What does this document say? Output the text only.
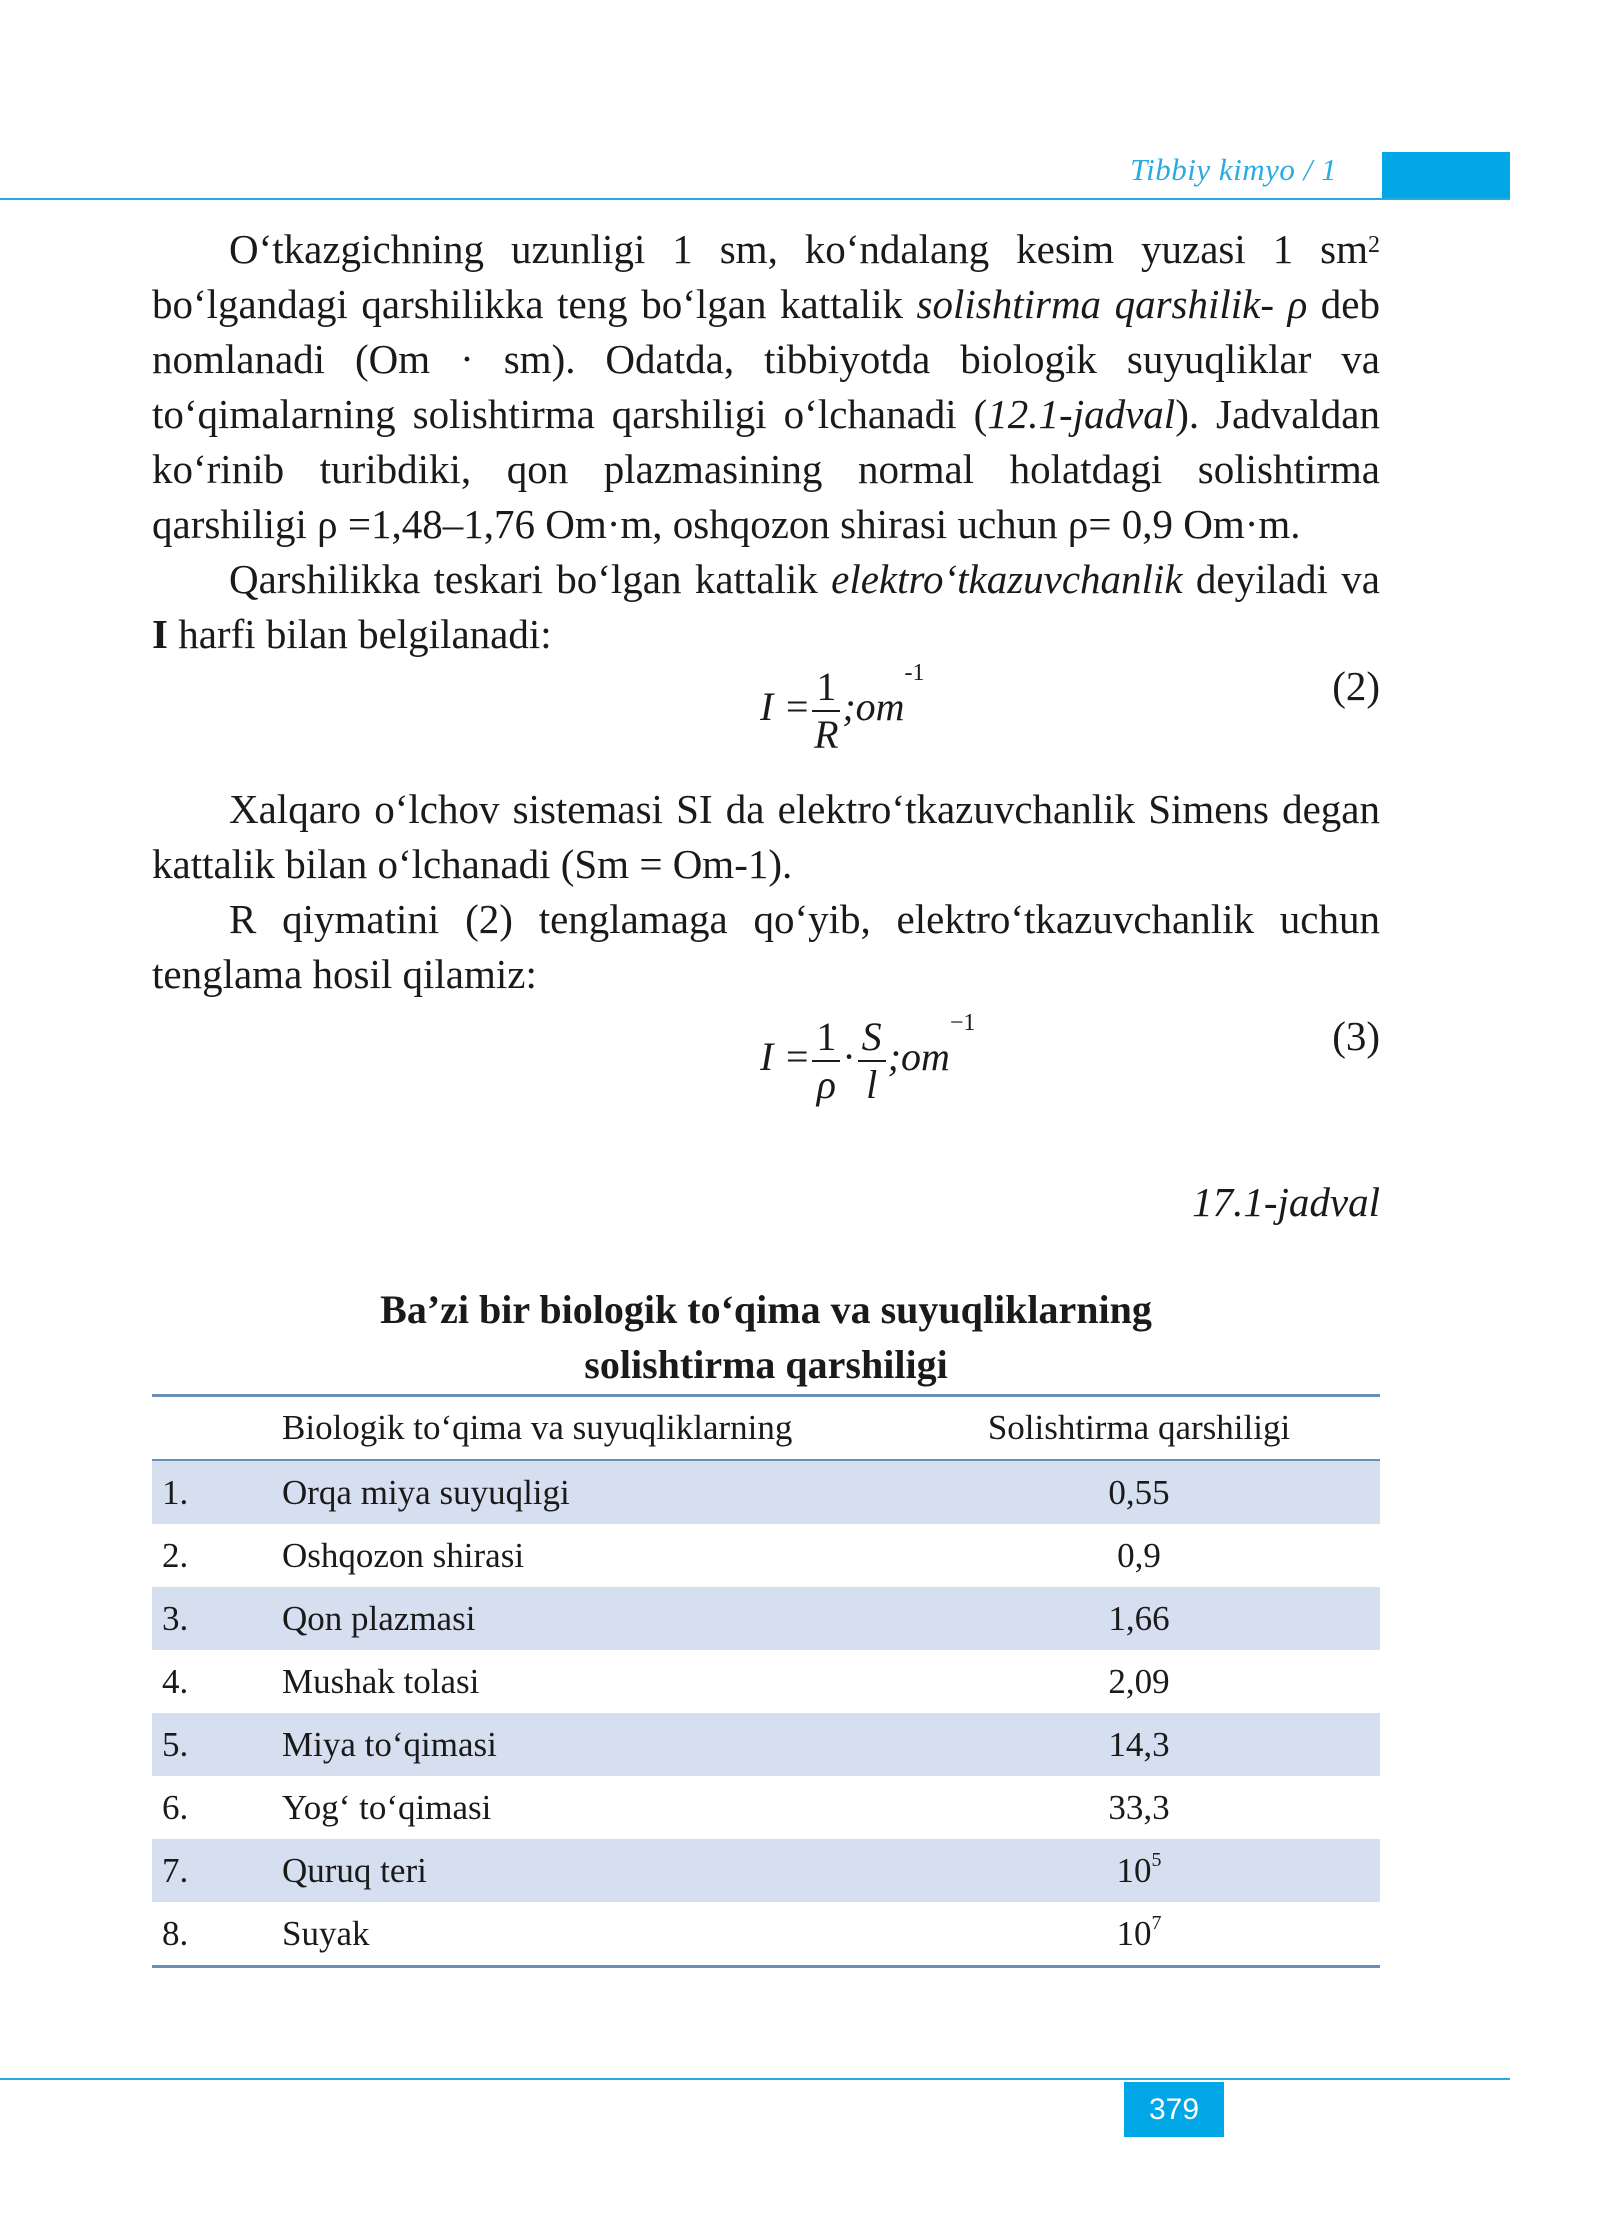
Tibbiy kimyo / 1

O‘tkazgichning uzunligi 1 sm, ko‘ndalang kesim yuzasi 1 $sm^2$ bo‘lgandagi qarshilikka teng bo‘lgan kattalik solishtirma qarshilik- ρ deb nomlanadi (Om · sm). Odatda, tibbiyotda biologik suyuqliklar va to‘qimalarning solishtirma qarshiligi o‘lchanadi (12.1-jadval). Jadvaldan ko‘rinib turibdiki, qon plazmasining normal holatdagi solishtirma qarshiligi ρ =1,48–1,76 Om·m, oshqozon shirasi uchun ρ= 0,9 Om·m.

Qarshilikka teskari bo‘lgan kattalik elektro‘tkazuvchanlik deyiladi va I harfi bilan belgilanadi:

$I = \frac{1}{R}$ $;om^{-1}$	(2)

Xalqaro o‘lchov sistemasi SI da elektro‘tkazuvchanlik Simens degan kattalik bilan o‘lchanadi (Sm = Om-1).

R qiymatini (2) tenglamaga qo‘yib, elektro‘tkazuvchanlik uchun tenglama hosil qilamiz:

$I = \frac{1}{\rho} \cdot \frac{S}{l}$ $;om^{-1}$	(3)
17.1-jadval
Ba’zi bir biologik to‘qima va suyuqliklarning
solishtirma qarshiligi
	Biologik to‘qima va suyuqliklarning	Solishtirma qarshiligi
1.	Orqa miya suyuqligi	0,55
2.	Oshqozon shirasi	0,9
3.	Qon plazmasi	1,66
4.	Mushak tolasi	2,09
5.	Miya to‘qimasi	14,3
6.	Yog‘ to‘qimasi	33,3
7.	Quruq teri	$10^5$
8.	Suyak	$10^7$
379
